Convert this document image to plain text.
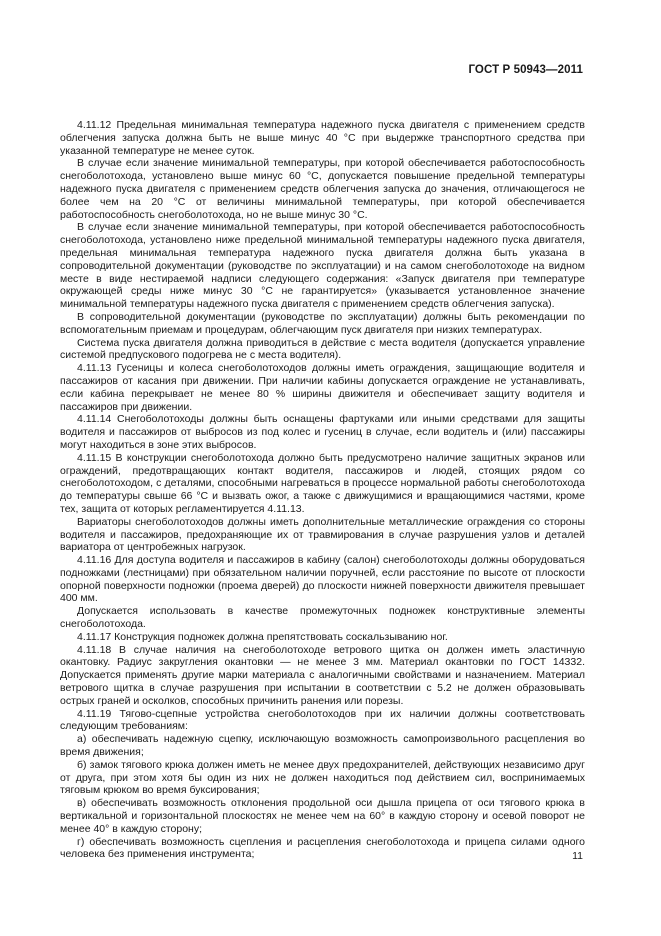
ГОСТ Р 50943—2011

4.11.12 Предельная минимальная температура надежного пуска двигателя с применением средств облегчения запуска должна быть не выше минус 40 °С при выдержке транспортного средства при указанной температуре не менее суток.

В случае если значение минимальной температуры, при которой обеспечивается работоспособность снегоболотохода, установлено выше минус 60 °С, допускается повышение предельной температуры надежного пуска двигателя с применением средств облегчения запуска до значения, отличающегося не более чем на 20 °С от величины минимальной температуры, при которой обеспечивается работоспособность снегоболотохода, но не выше минус 30 °С.

В случае если значение минимальной температуры, при которой обеспечивается работоспособность снегоболотохода, установлено ниже предельной минимальной температуры надежного пуска двигателя, предельная минимальная температура надежного пуска двигателя должна быть указана в сопроводительной документации (руководстве по эксплуатации) и на самом снегоболотоходе на видном месте в виде нестираемой надписи следующего содержания: «Запуск двигателя при температуре окружающей среды ниже минус 30 °С не гарантируется» (указывается установленное значение минимальной температуры надежного пуска двигателя с применением средств облегчения запуска).

В сопроводительной документации (руководстве по эксплуатации) должны быть рекомендации по вспомогательным приемам и процедурам, облегчающим пуск двигателя при низких температурах.

Система пуска двигателя должна приводиться в действие с места водителя (допускается управление системой предпускового подогрева не с места водителя).

4.11.13 Гусеницы и колеса снегоболотоходов должны иметь ограждения, защищающие водителя и пассажиров от касания при движении. При наличии кабины допускается ограждение не устанавливать, если кабина перекрывает не менее 80 % ширины движителя и обеспечивает защиту водителя и пассажиров при движении.

4.11.14 Снегоболотоходы должны быть оснащены фартуками или иными средствами для защиты водителя и пассажиров от выбросов из под колес и гусениц в случае, если водитель и (или) пассажиры могут находиться в зоне этих выбросов.

4.11.15 В конструкции снегоболотохода должно быть предусмотрено наличие защитных экранов или ограждений, предотвращающих контакт водителя, пассажиров и людей, стоящих рядом со снегоболотоходом, с деталями, способными нагреваться в процессе нормальной работы снегоболотохода до температуры свыше 66 °С и вызвать ожог, а также с движущимися и вращающимися частями, кроме тех, защита от которых регламентируется 4.11.13.

Вариаторы снегоболотоходов должны иметь дополнительные металлические ограждения со стороны водителя и пассажиров, предохраняющие их от травмирования в случае разрушения узлов и деталей вариатора от центробежных нагрузок.

4.11.16 Для доступа водителя и пассажиров в кабину (салон) снегоболотоходы должны оборудоваться подножками (лестницами) при обязательном наличии поручней, если расстояние по высоте от плоскости опорной поверхности подножки (проема дверей) до плоскости нижней поверхности движителя превышает 400 мм.

Допускается использовать в качестве промежуточных подножек конструктивные элементы снегоболотохода.

4.11.17 Конструкция подножек должна препятствовать соскальзыванию ног.

4.11.18 В случае наличия на снегоболотоходе ветрового щитка он должен иметь эластичную окантовку. Радиус закругления окантовки — не менее 3 мм. Материал окантовки по ГОСТ 14332. Допускается применять другие марки материала с аналогичными свойствами и назначением. Материал ветрового щитка в случае разрушения при испытании в соответствии с 5.2 не должен образовывать острых граней и осколков, способных причинить ранения или порезы.

4.11.19 Тягово-сцепные устройства снегоболотоходов при их наличии должны соответствовать следующим требованиям:

а) обеспечивать надежную сцепку, исключающую возможность самопроизвольного расцепления во время движения;

б) замок тягового крюка должен иметь не менее двух предохранителей, действующих независимо друг от друга, при этом хотя бы один из них не должен находиться под действием сил, воспринимаемых тяговым крюком во время буксирования;

в) обеспечивать возможность отклонения продольной оси дышла прицепа от оси тягового крюка в вертикальной и горизонтальной плоскостях не менее чем на 60° в каждую сторону и осевой поворот не менее 40° в каждую сторону;

г) обеспечивать возможность сцепления и расцепления снегоболотохода и прицепа силами одного человека без применения инструмента;	11
